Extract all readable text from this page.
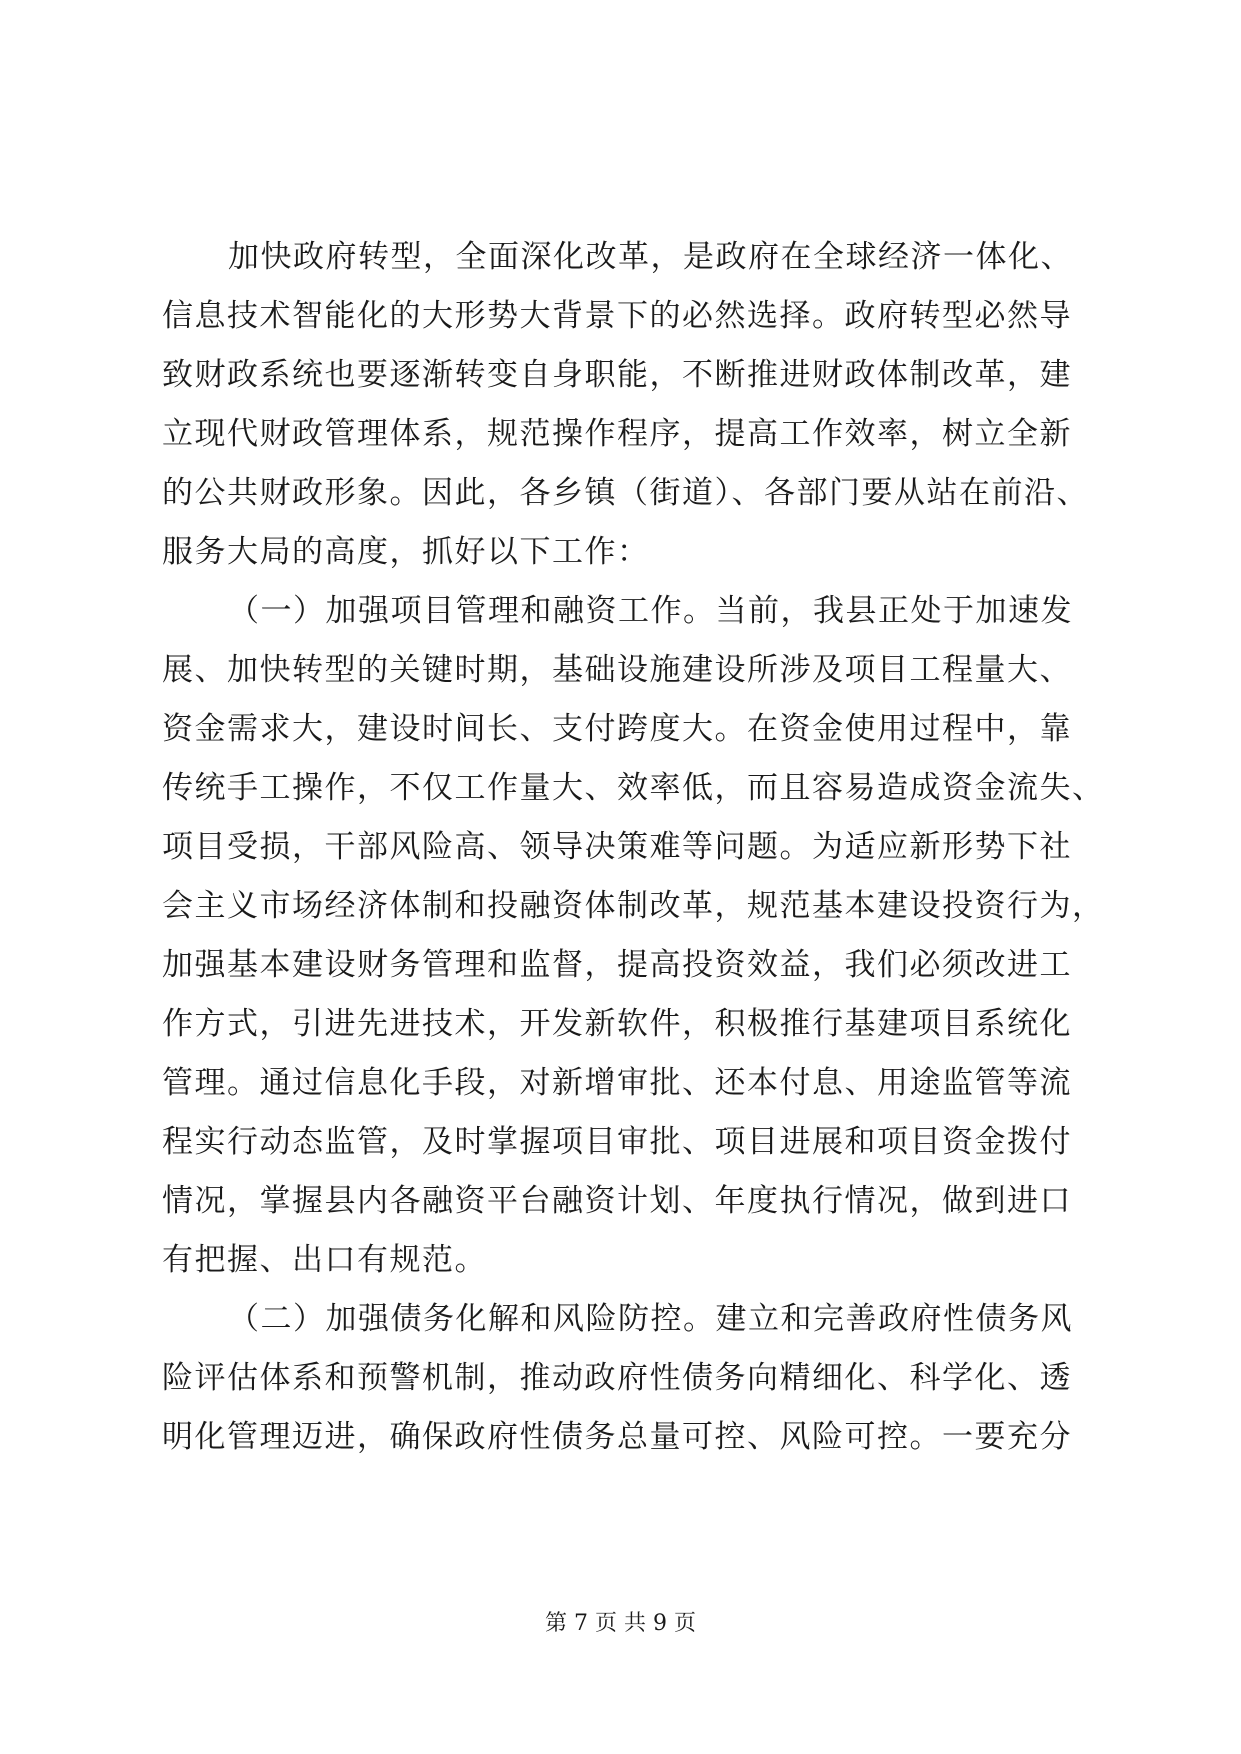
加快政府转型，全面深化改革，是政府在全球经济一体化、
信息技术智能化的大形势大背景下的必然选择。政府转型必然导
致财政系统也要逐渐转变自身职能，不断推进财政体制改革，建
立现代财政管理体系，规范操作程序，提高工作效率，树立全新
的公共财政形象。因此，各乡镇（街道）、各部门要从站在前沿、
服务大局的高度，抓好以下工作：
（一）加强项目管理和融资工作。当前，我县正处于加速发
展、加快转型的关键时期，基础设施建设所涉及项目工程量大、
资金需求大，建设时间长、支付跨度大。在资金使用过程中，靠
传统手工操作，不仅工作量大、效率低，而且容易造成资金流失、
项目受损，干部风险高、领导决策难等问题。为适应新形势下社
会主义市场经济体制和投融资体制改革，规范基本建设投资行为，
加强基本建设财务管理和监督，提高投资效益，我们必须改进工
作方式，引进先进技术，开发新软件，积极推行基建项目系统化
管理。通过信息化手段，对新增审批、还本付息、用途监管等流
程实行动态监管，及时掌握项目审批、项目进展和项目资金拨付
情况，掌握县内各融资平台融资计划、年度执行情况，做到进口
有把握、出口有规范。
（二）加强债务化解和风险防控。建立和完善政府性债务风
险评估体系和预警机制，推动政府性债务向精细化、科学化、透
明化管理迈进，确保政府性债务总量可控、风险可控。一要充分
第 7 页 共 9 页
